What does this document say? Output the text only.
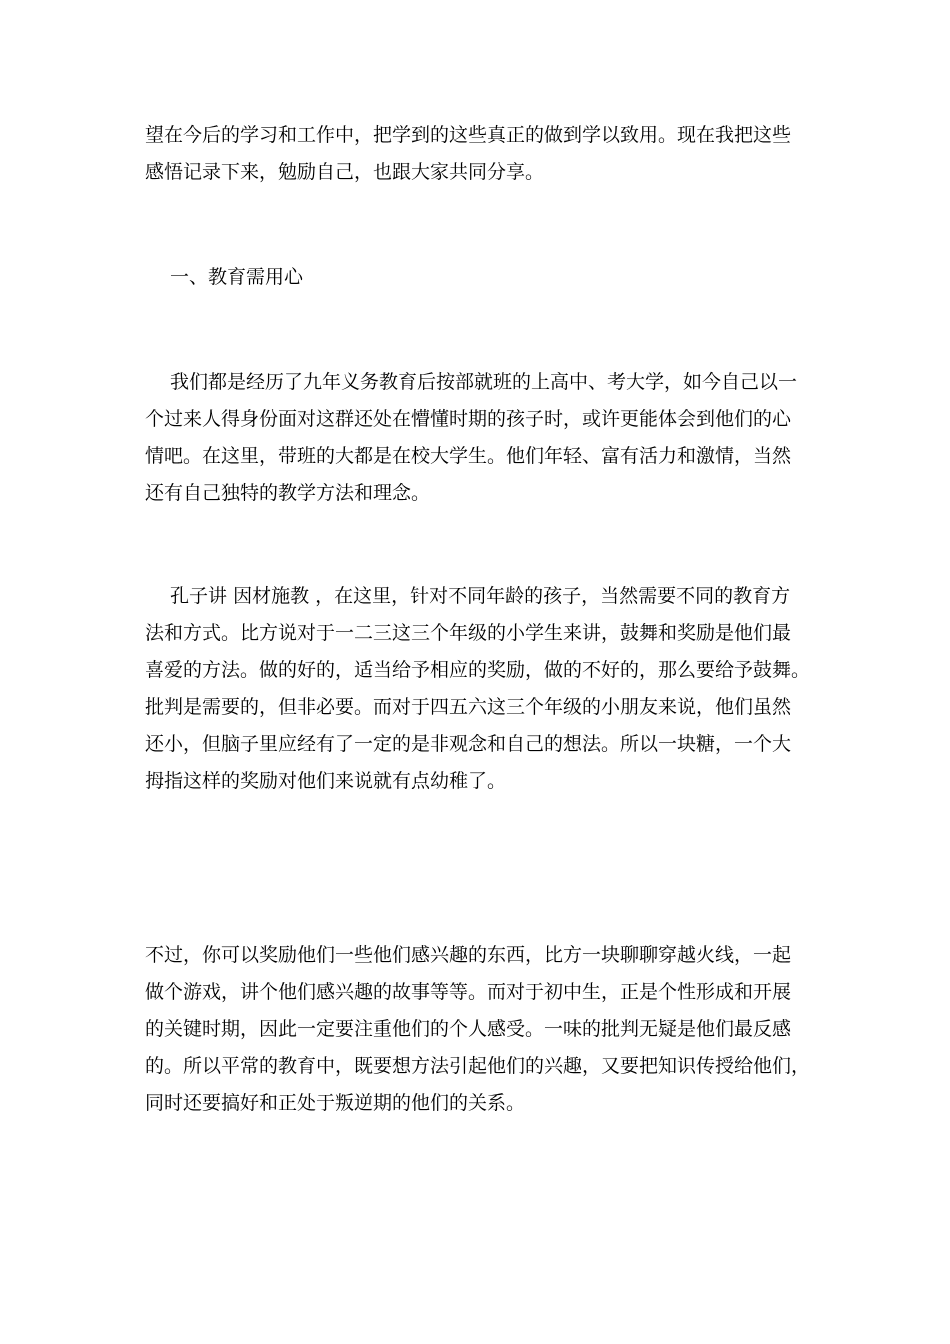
望在今后的学习和工作中，把学到的这些真正的做到学以致用。现在我把这些
感悟记录下来，勉励自己，也跟大家共同分享。
　 一、教育需用心
　 我们都是经历了九年义务教育后按部就班的上高中、考大学，如今自己以一
个过来人得身份面对这群还处在懵懂时期的孩子时，或许更能体会到他们的心
情吧。在这里，带班的大都是在校大学生。他们年轻、富有活力和激情，当然
还有自己独特的教学方法和理念。
　 孔子讲 因材施教 ，在这里，针对不同年龄的孩子，当然需要不同的教育方
法和方式。比方说对于一二三这三个年级的小学生来讲，鼓舞和奖励是他们最
喜爱的方法。做的好的，适当给予相应的奖励，做的不好的，那么要给予鼓舞。
批判是需要的，但非必要。而对于四五六这三个年级的小朋友来说，他们虽然
还小，但脑子里应经有了一定的是非观念和自己的想法。所以一块糖，一个大
拇指这样的奖励对他们来说就有点幼稚了。
不过，你可以奖励他们一些他们感兴趣的东西，比方一块聊聊穿越火线，一起
做个游戏，讲个他们感兴趣的故事等等。而对于初中生，正是个性形成和开展
的关键时期，因此一定要注重他们的个人感受。一味的批判无疑是他们最反感
的。所以平常的教育中，既要想方法引起他们的兴趣，又要把知识传授给他们，
同时还要搞好和正处于叛逆期的他们的关系。
